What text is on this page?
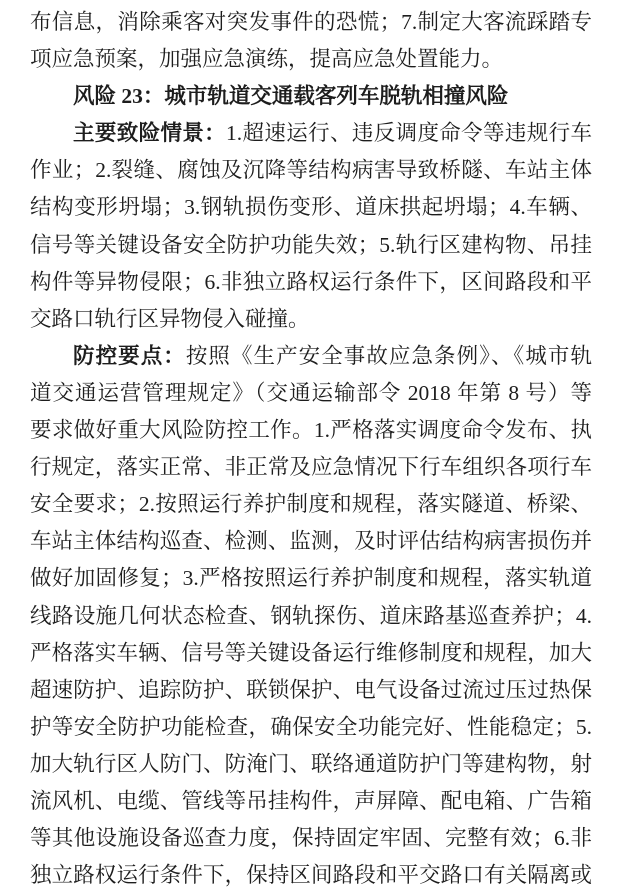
布信息，消除乘客对突发事件的恐慌；7.制定大客流踩踏专
项应急预案，加强应急演练，提高应急处置能力。
风险 23：城市轨道交通载客列车脱轨相撞风险
主要致险情景：1.超速运行、违反调度命令等违规行车
作业；2.裂缝、腐蚀及沉降等结构病害导致桥隧、车站主体
结构变形坍塌；3.钢轨损伤变形、道床拱起坍塌；4.车辆、
信号等关键设备安全防护功能失效；5.轨行区建构物、吊挂
构件等异物侵限；6.非独立路权运行条件下，区间路段和平
交路口轨行区异物侵入碰撞。
防控要点：按照《生产安全事故应急条例》、《城市轨
道交通运营管理规定》（交通运输部令 2018 年第 8 号）等
要求做好重大风险防控工作。1.严格落实调度命令发布、执
行规定，落实正常、非正常及应急情况下行车组织各项行车
安全要求；2.按照运行养护制度和规程，落实隧道、桥梁、
车站主体结构巡查、检测、监测，及时评估结构病害损伤并
做好加固修复；3.严格按照运行养护制度和规程，落实轨道
线路设施几何状态检查、钢轨探伤、道床路基巡查养护；4.
严格落实车辆、信号等关键设备运行维修制度和规程，加大
超速防护、追踪防护、联锁保护、电气设备过流过压过热保
护等安全防护功能检查，确保安全功能完好、性能稳定；5.
加大轨行区人防门、防淹门、联络通道防护门等建构物，射
流风机、电缆、管线等吊挂构件，声屏障、配电箱、广告箱
等其他设施设备巡查力度，保持固定牢固、完整有效；6.非
独立路权运行条件下，保持区间路段和平交路口有关隔离或
